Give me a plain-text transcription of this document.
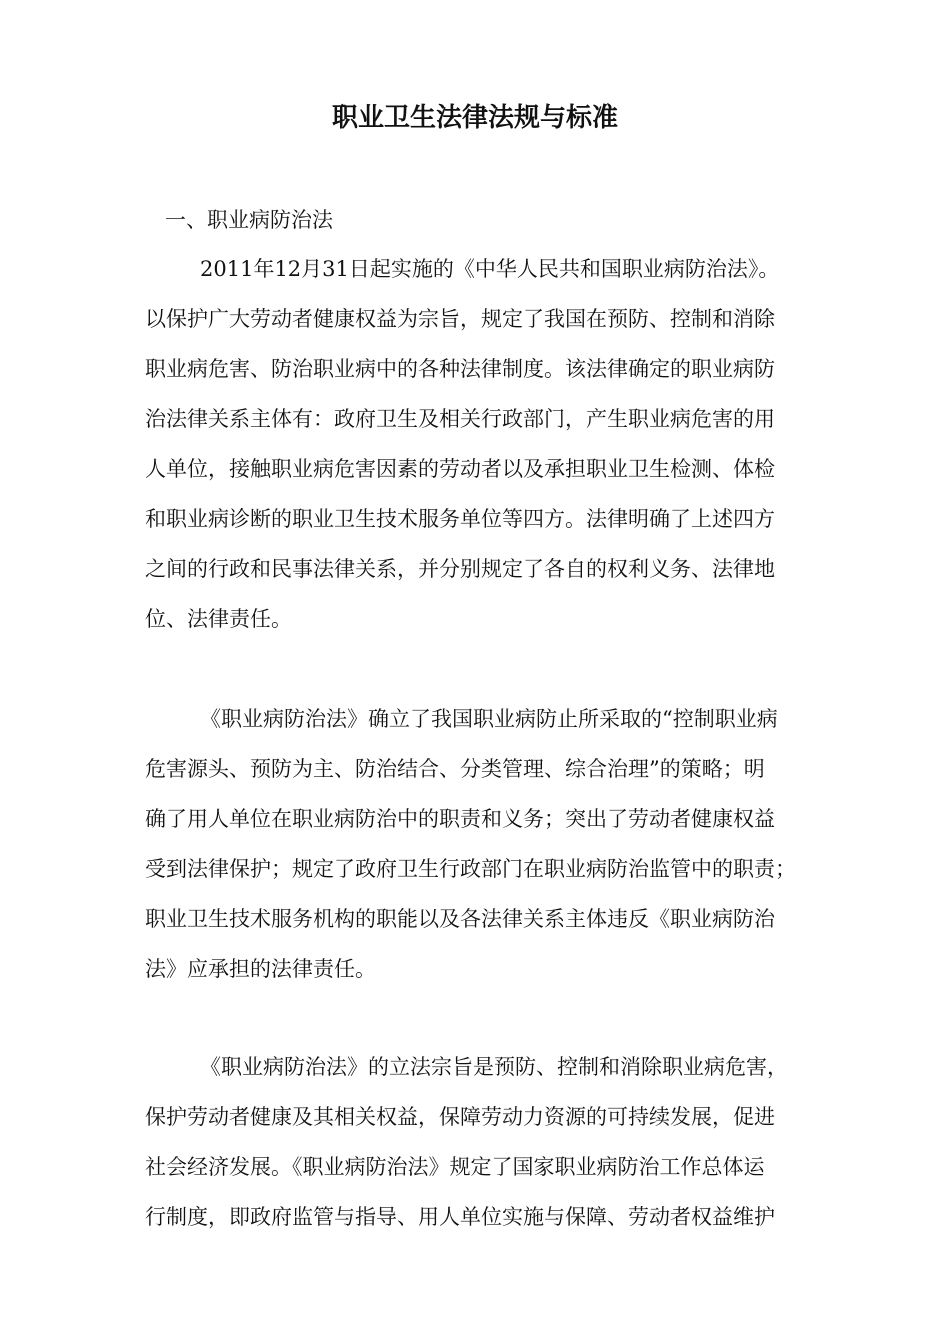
职业卫生法律法规与标准

一、职业病防治法

2011年12月31日起实施的《中华人民共和国职业病防治法》。
以保护广大劳动者健康权益为宗旨，规定了我国在预防、控制和消除
职业病危害、防治职业病中的各种法律制度。该法律确定的职业病防
治法律关系主体有：政府卫生及相关行政部门，产生职业病危害的用
人单位，接触职业病危害因素的劳动者以及承担职业卫生检测、体检
和职业病诊断的职业卫生技术服务单位等四方。法律明确了上述四方
之间的行政和民事法律关系，并分别规定了各自的权利义务、法律地
位、法律责任。
《职业病防治法》确立了我国职业病防止所采取的“控制职业病
危害源头、预防为主、防治结合、分类管理、综合治理”的策略；明
确了用人单位在职业病防治中的职责和义务；突出了劳动者健康权益
受到法律保护；规定了政府卫生行政部门在职业病防治监管中的职责；
职业卫生技术服务机构的职能以及各法律关系主体违反《职业病防治
法》应承担的法律责任。
《职业病防治法》的立法宗旨是预防、控制和消除职业病危害，
保护劳动者健康及其相关权益，保障劳动力资源的可持续发展，促进
社会经济发展。《职业病防治法》规定了国家职业病防治工作总体运
行制度，即政府监管与指导、用人单位实施与保障、劳动者权益维护
